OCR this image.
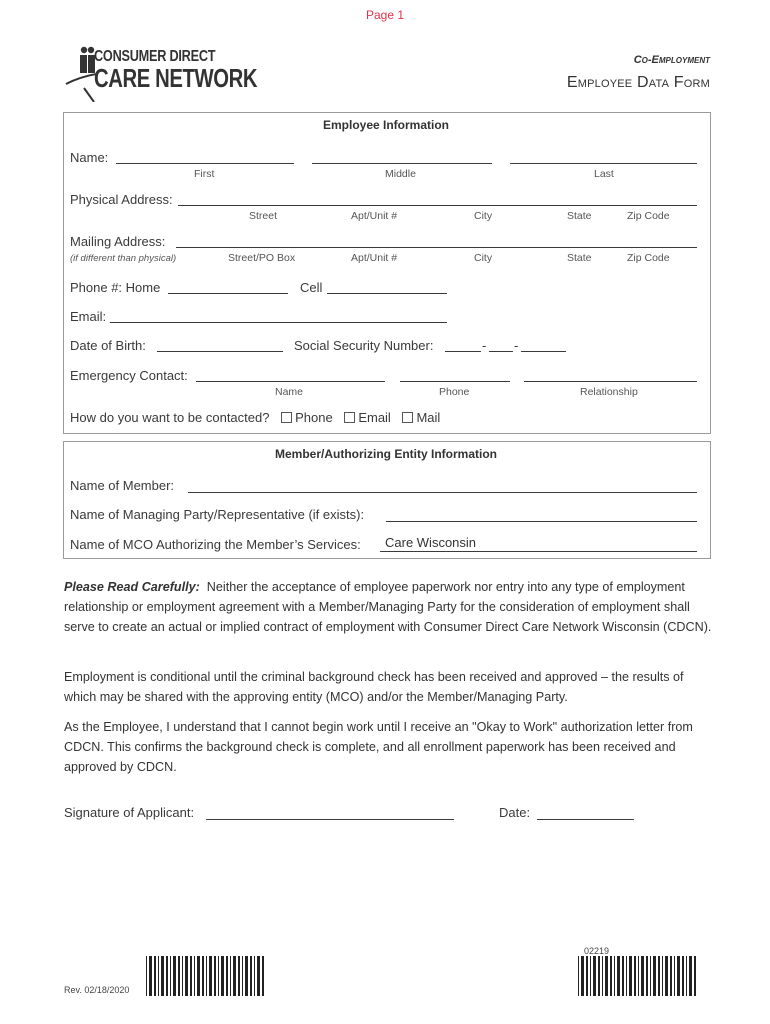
Page 1
CONSUMER DIRECT
CARE NETWORK
Co-Employment
Employee Data Form
Employee Information
Name:
First	Middle	Last
Physical Address:
Street	Apt/Unit #	City	State	Zip Code
Mailing Address:
(if different than physical)	Street/PO Box	Apt/Unit #	City	State	Zip Code
Phone #: Home	Cell
Email:
Date of Birth:	Social Security Number:	- -
Emergency Contact:
Name	Phone	Relationship
How do you want to be contacted? Phone Email Mail
Member/Authorizing Entity Information
Name of Member:
Name of Managing Party/Representative (if exists):
Name of MCO Authorizing the Member’s Services: Care Wisconsin
Please Read Carefully: Neither the acceptance of employee paperwork nor entry into any type of employment relationship or employment agreement with a Member/Managing Party for the consideration of employment shall serve to create an actual or implied contract of employment with Consumer Direct Care Network Wisconsin (CDCN).
Employment is conditional until the criminal background check has been received and approved – the results of which may be shared with the approving entity (MCO) and/or the Member/Managing Party.
As the Employee, I understand that I cannot begin work until I receive an "Okay to Work" authorization letter from CDCN. This confirms the background check is complete, and all enrollment paperwork has been received and approved by CDCN.
Signature of Applicant:	Date:
Rev. 02/18/2020
02219
